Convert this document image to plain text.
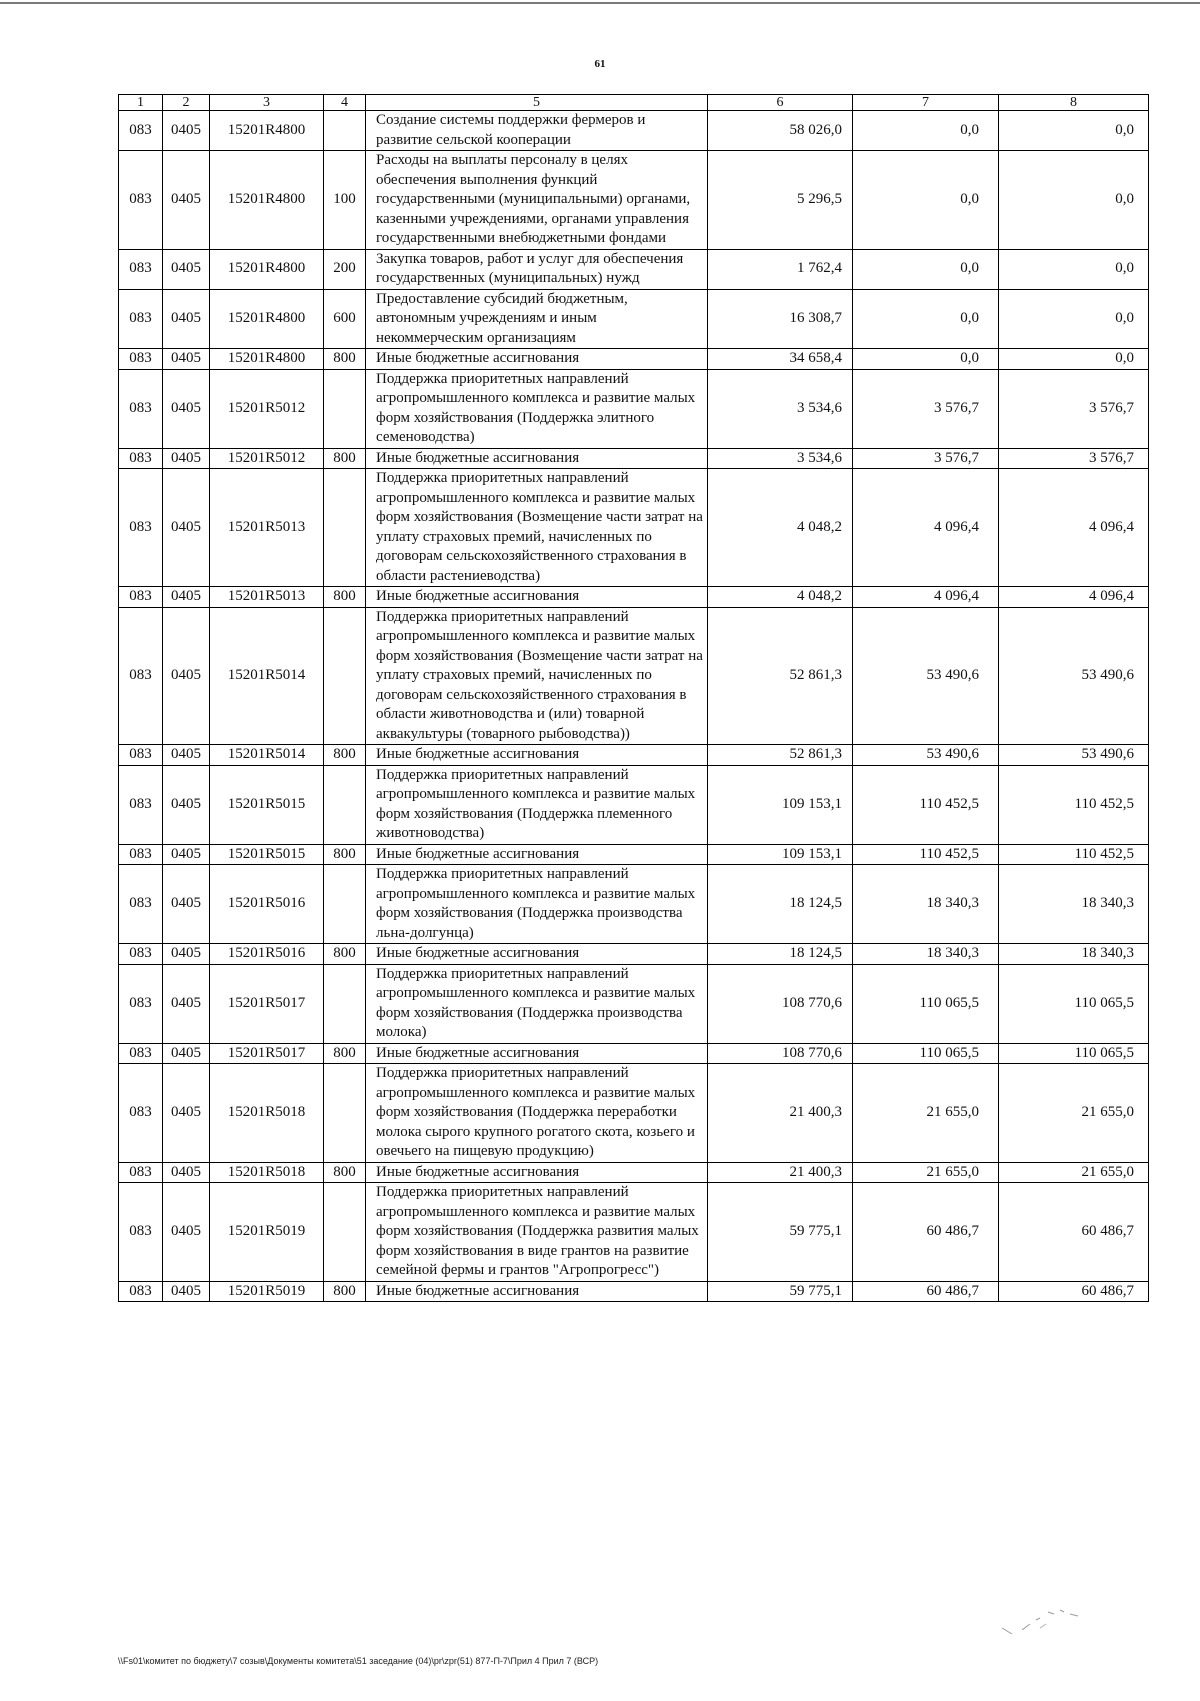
61
1	2	3	4	5	6	7	8
083	0405	15201R4800		Создание системы поддержки фермеров и развитие сельской кооперации	58 026,0	0,0	0,0
083	0405	15201R4800	100	Расходы на выплаты персоналу в целях обеспечения выполнения функций государственными (муниципальными) органами, казенными учреждениями, органами управления государственными внебюджетными фондами	5 296,5	0,0	0,0
083	0405	15201R4800	200	Закупка товаров, работ и услуг для обеспечения государственных (муниципальных) нужд	1 762,4	0,0	0,0
083	0405	15201R4800	600	Предоставление субсидий бюджетным, автономным учреждениям и иным некоммерческим организациям	16 308,7	0,0	0,0
083	0405	15201R4800	800	Иные бюджетные ассигнования	34 658,4	0,0	0,0
083	0405	15201R5012		Поддержка приоритетных направлений агропромышленного комплекса и развитие малых форм хозяйствования (Поддержка элитного семеноводства)	3 534,6	3 576,7	3 576,7
083	0405	15201R5012	800	Иные бюджетные ассигнования	3 534,6	3 576,7	3 576,7
083	0405	15201R5013		Поддержка приоритетных направлений агропромышленного комплекса и развитие малых форм хозяйствования (Возмещение части затрат на уплату страховых премий, начисленных по договорам сельскохозяйственного страхования в области растениеводства)	4 048,2	4 096,4	4 096,4
083	0405	15201R5013	800	Иные бюджетные ассигнования	4 048,2	4 096,4	4 096,4
083	0405	15201R5014		Поддержка приоритетных направлений агропромышленного комплекса и развитие малых форм хозяйствования (Возмещение части затрат на уплату страховых премий, начисленных по договорам сельскохозяйственного страхования в области животноводства и (или) товарной аквакультуры (товарного рыбоводства))	52 861,3	53 490,6	53 490,6
083	0405	15201R5014	800	Иные бюджетные ассигнования	52 861,3	53 490,6	53 490,6
083	0405	15201R5015		Поддержка приоритетных направлений агропромышленного комплекса и развитие малых форм хозяйствования (Поддержка племенного животноводства)	109 153,1	110 452,5	110 452,5
083	0405	15201R5015	800	Иные бюджетные ассигнования	109 153,1	110 452,5	110 452,5
083	0405	15201R5016		Поддержка приоритетных направлений агропромышленного комплекса и развитие малых форм хозяйствования (Поддержка производства льна-долгунца)	18 124,5	18 340,3	18 340,3
083	0405	15201R5016	800	Иные бюджетные ассигнования	18 124,5	18 340,3	18 340,3
083	0405	15201R5017		Поддержка приоритетных направлений агропромышленного комплекса и развитие малых форм хозяйствования (Поддержка производства молока)	108 770,6	110 065,5	110 065,5
083	0405	15201R5017	800	Иные бюджетные ассигнования	108 770,6	110 065,5	110 065,5
083	0405	15201R5018		Поддержка приоритетных направлений агропромышленного комплекса и развитие малых форм хозяйствования (Поддержка переработки молока сырого крупного рогатого скота, козьего и овечьего на пищевую продукцию)	21 400,3	21 655,0	21 655,0
083	0405	15201R5018	800	Иные бюджетные ассигнования	21 400,3	21 655,0	21 655,0
083	0405	15201R5019		Поддержка приоритетных направлений агропромышленного комплекса и развитие малых форм хозяйствования (Поддержка развития малых форм хозяйствования в виде грантов на развитие семейной фермы и грантов "Агропрогресс")	59 775,1	60 486,7	60 486,7
083	0405	15201R5019	800	Иные бюджетные ассигнования	59 775,1	60 486,7	60 486,7
\\Fs01\комитет по бюджету\7 созыв\Документы комитета\51 заседание (04)\pr\zpr(51) 877-П-7\Прил 4 Прил 7 (ВСР)
